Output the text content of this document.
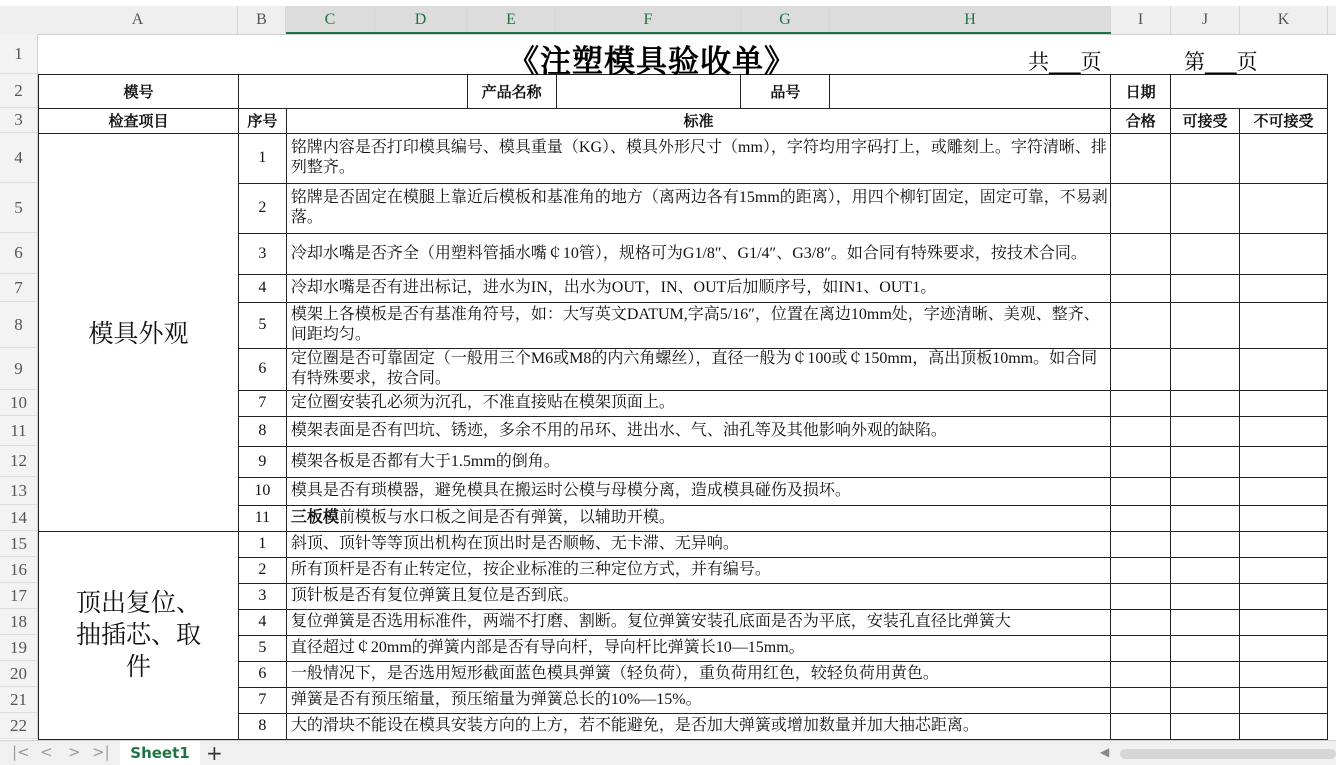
A	B	C	D	E	F	G	H	I	J	K
1
2
3
4
5
6
7
8
9
10
11
12
13
14
15
16
17
18
19
20
21
22
《注塑模具验收单》	共___页	第___页

模号			产品名称		品号		日期		
检查项目	序号	标准					合格	可接受	不可接受

模具外观	1	铭牌内容是否打印模具编号、模具重量（KG）、模具外形尺寸（mm），字符均用字码打上，或雕刻上。字符清晰、排列整齐。							

	2	铭牌是否固定在模腿上靠近后模板和基准角的地方（离两边各有15mm的距离），用四个柳钉固定，固定可靠，不易剥落。							

	3	冷却水嘴是否齐全（用塑料管插水嘴￠10管），规格可为G1/8″、G1/4″、G3/8″。如合同有特殊要求，按技术合同。							

	4	冷却水嘴是否有进出标记，进水为IN，出水为OUT，IN、OUT后加顺序号，如IN1、OUT1。							

	5	模架上各模板是否有基准角符号，如：大写英文DATUM,字高5/16″，位置在离边10mm处，字迹清晰、美观、整齐、间距均匀。							

	6	定位圈是否可靠固定（一般用三个M6或M8的内六角螺丝），直径一般为￠100或￠150mm，高出顶板10mm。如合同有特殊要求，按合同。							

	7	定位圈安装孔必须为沉孔，不准直接贴在模架顶面上。							

	8	模架表面是否有凹坑、锈迹，多余不用的吊环、进出水、气、油孔等及其他影响外观的缺陷。							

	9	模架各板是否都有大于1.5mm的倒角。							

	10	模具是否有琐模器，避免模具在搬运时公模与母模分离，造成模具碰伤及损坏。							

	11	三板模前模板与水口板之间是否有弹簧，以辅助开模。							

顶出复位、抽插芯、取件	1	斜顶、顶针等等顶出机构在顶出时是否顺畅、无卡滞、无异响。							

	2	所有顶杆是否有止转定位，按企业标准的三种定位方式，并有编号。							

	3	顶针板是否有复位弹簧且复位是否到底。							

	4	复位弹簧是否选用标准件，两端不打磨、割断。复位弹簧安装孔底面是否为平底，安装孔直径比弹簧大							

	5	直径超过￠20mm的弹簧内部是否有导向杆，导向杆比弹簧长10—15mm。							

	6	一般情况下，是否选用短形截面蓝色模具弹簧（轻负荷），重负荷用红色，较轻负荷用黄色。							

	7	弹簧是否有预压缩量，预压缩量为弹簧总长的10%—15%。							

	8	大的滑块不能设在模具安装方向的上方，若不能避免，是否加大弹簧或增加数量并加大抽芯距离。							

|< < > >|	Sheet1 +	◀
